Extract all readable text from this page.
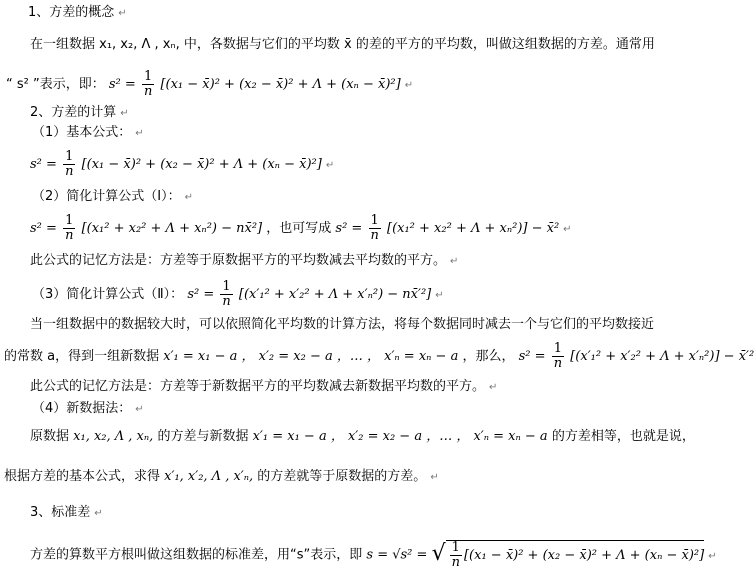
1、方差的概念 ↵
在一组数据 x₁, x₂, Λ , xₙ, 中，各数据与它们的平均数 x̄ 的差的平方的平均数，叫做这组数据的方差。通常用
“ s² ”表示，即： $s^2 = \frac{1}{n} [(x_1$ − x̄)² + (x₂ − x̄)² + Λ + (xₙ − x̄)²] ↵
2、方差的计算 ↵
（1）基本公式： ↵
$s^2 = \frac{1}{n} [(x_1$ − x̄)² + (x₂ − x̄)² + Λ + (xₙ − x̄)²] ↵
（2）简化计算公式（Ⅰ）： ↵
$s^2 = \frac{1}{n} [(x_1^2 + x_2^2 + \Lambda + x_n^2)$ − nx̄²] ，也可写成 $s^2 = \frac{1}{n} [(x_1^2 + x_2^2 + \Lambda + x_n^2)]$ − x̄² ↵
此公式的记忆方法是：方差等于原数据平方的平均数减去平均数的平方。 ↵
（3）简化计算公式（Ⅱ）： $s^2 = \frac{1}{n} [(x'_1^2 + x'_2^2 + \Lambda + x'_n^2)$ − nx̄′²] ↵
当一组数据中的数据较大时，可以依照简化平均数的计算方法，将每个数据同时减去一个与它们的平均数接近
的常数 a，得到一组新数据 x′₁ = x₁ − a ， x′₂ = x₂ − a ，… ， x′ₙ = xₙ − a ，那么， $s^2 = \frac{1}{n} [(x'_1^2 + x'_2^2 + \Lambda + x'_n^2)]$ − x̄′²
此公式的记忆方法是：方差等于新数据平方的平均数减去新数据平均数的平方。 ↵
（4）新数据法： ↵
原数据 x₁, x₂, Λ , xₙ, 的方差与新数据 x′₁ = x₁ − a ， x′₂ = x₂ − a ，… ， x′ₙ = xₙ − a 的方差相等，也就是说，
根据方差的基本公式，求得 x′₁, x′₂, Λ , x′ₙ, 的方差就等于原数据的方差。 ↵
3、标准差 ↵
方差的算数平方根叫做这组数据的标准差，用“s”表示，即 s = √s² = √ $\frac{1}{n} [(x_1$ − x̄)² + (x₂ − x̄)² + Λ + (xₙ − x̄)²] ↵
